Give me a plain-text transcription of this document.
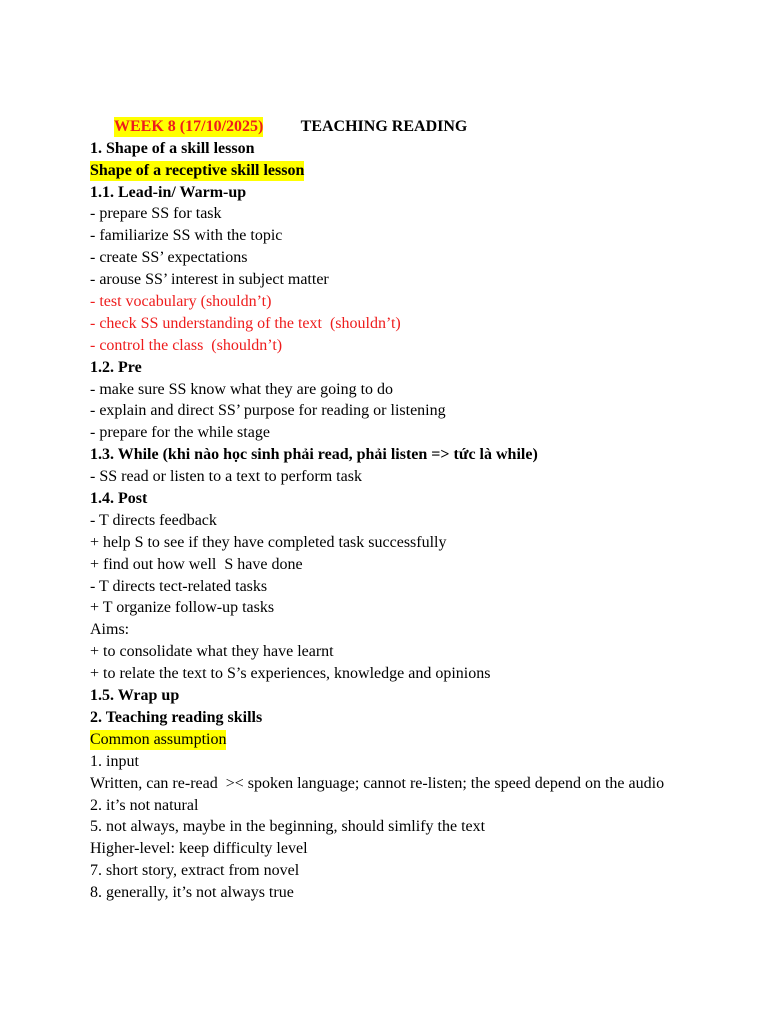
WEEK 8 (17/10/2025)
	TEACHING READING
1. Shape of a skill lesson
Shape of a receptive skill lesson
1.1. Lead-in/ Warm-up
- prepare SS for task
- familiarize SS with the topic
- create SS’ expectations
- arouse SS’ interest in subject matter
- test vocabulary (shouldn’t)
- check SS understanding of the text  (shouldn’t)
- control the class  (shouldn’t)
1.2. Pre
- make sure SS know what they are going to do
- explain and direct SS’ purpose for reading or listening
- prepare for the while stage
1.3. While (khi nào học sinh phải read, phải listen => tức là while)
- SS read or listen to a text to perform task
1.4. Post
- T directs feedback
+ help S to see if they have completed task successfully
+ find out how well  S have done
- T directs tect-related tasks
+ T organize follow-up tasks
Aims:
+ to consolidate what they have learnt
+ to relate the text to S’s experiences, knowledge and opinions
1.5. Wrap up
2. Teaching reading skills
Common assumption
1. input
Written, can re-read  >< spoken language; cannot re-listen; the speed depend on the audio
2. it’s not natural
5. not always, maybe in the beginning, should simlify the text
Higher-level: keep difficulty level
7. short story, extract from novel
8. generally, it’s not always true
